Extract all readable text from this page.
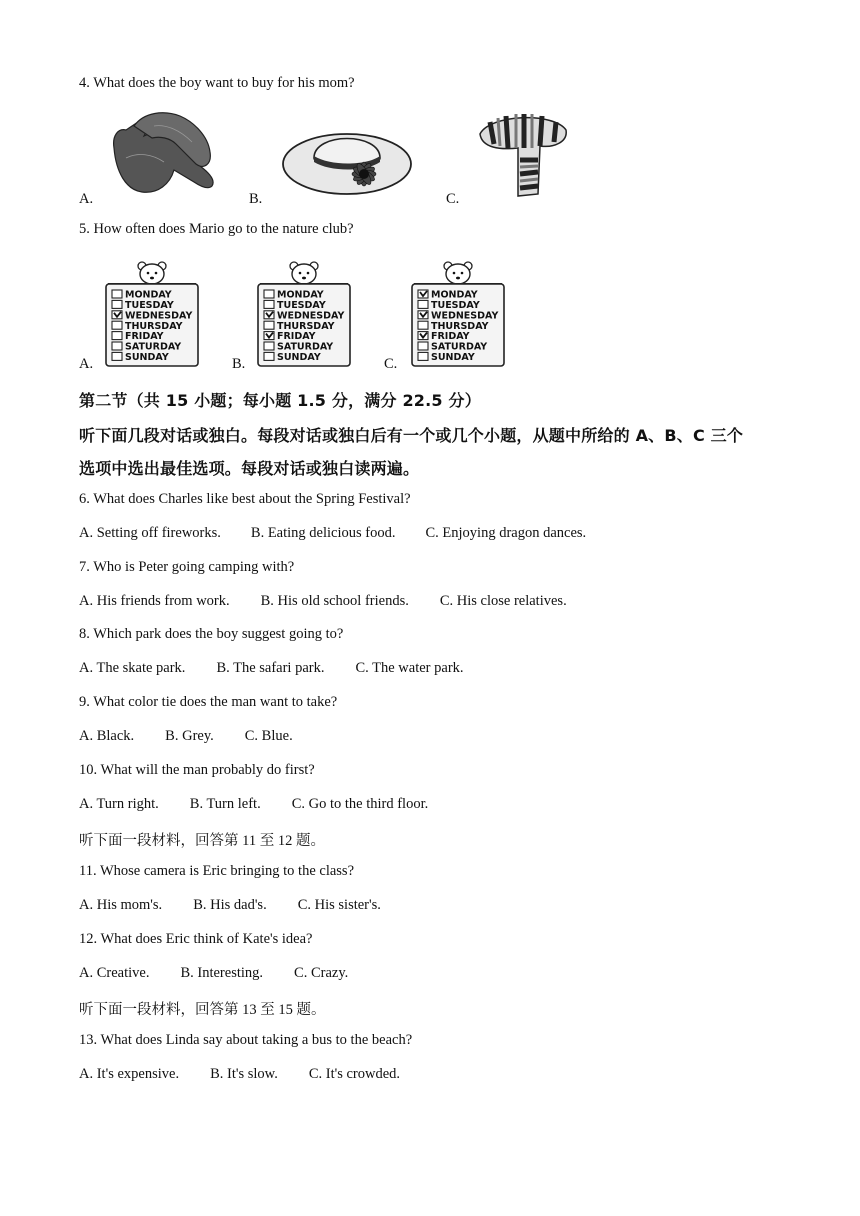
4. What does the boy want to buy for his mom?
A.	B.	C.
5. How often does Mario go to the nature club?
MONDAY
TUESDAY
WEDNESDAY
THURSDAY
FRIDAY
SATURDAY
SUNDAY
A.
MONDAY
TUESDAY
WEDNESDAY
THURSDAY
FRIDAY
SATURDAY
SUNDAY
B.
MONDAY
TUESDAY
WEDNESDAY
THURSDAY
FRIDAY
SATURDAY
SUNDAY
C.
第二节（共 15 小题；每小题 1.5 分，满分 22.5 分）
听下面几段对话或独白。每段对话或独白后有一个或几个小题，从题中所给的 A、B、C 三个
选项中选出最佳选项。每段对话或独白读两遍。
6. What does Charles like best about the Spring Festival?
A. Setting off fireworks. B. Eating delicious food. C. Enjoying dragon dances.
7. Who is Peter going camping with?
A. His friends from work. B. His old school friends. C. His close relatives.
8. Which park does the boy suggest going to?
A. The skate park. B. The safari park. C. The water park.
9. What color tie does the man want to take?
A. Black. B. Grey. C. Blue.
10. What will the man probably do first?
A. Turn right. B. Turn left. C. Go to the third floor.
听下面一段材料，回答第 11 至 12 题。
11. Whose camera is Eric bringing to the class?
A. His mom's. B. His dad's. C. His sister's.
12. What does Eric think of Kate's idea?
A. Creative. B. Interesting. C. Crazy.
听下面一段材料，回答第 13 至 15 题。
13. What does Linda say about taking a bus to the beach?
A. It's expensive. B. It's slow. C. It's crowded.
